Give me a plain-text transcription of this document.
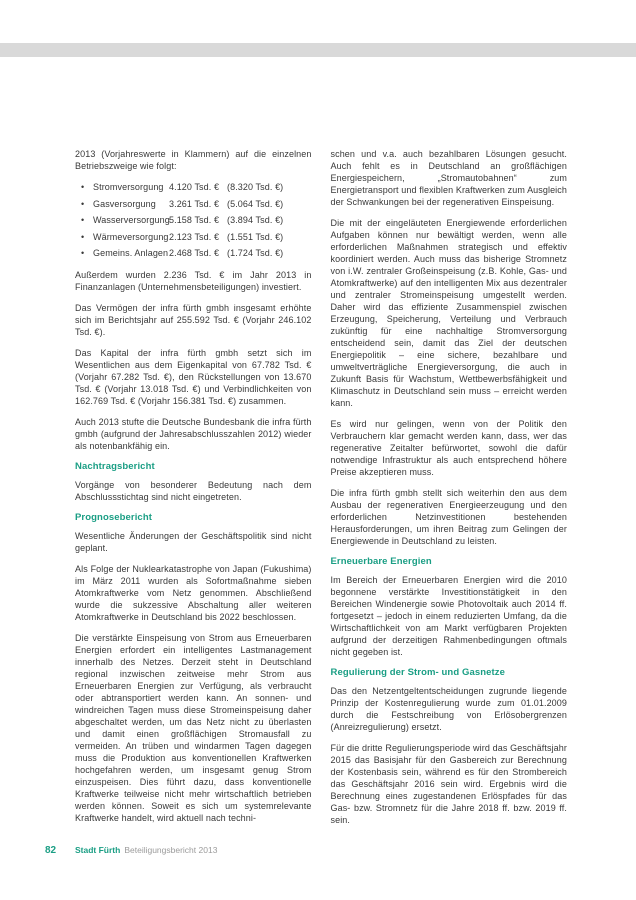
2013 (Vorjahreswerte in Klammern) auf die einzelnen Betriebszweige wie folgt:

• Stromversorgung 4.120 Tsd. € (8.320 Tsd. €)
• Gasversorgung	3.261 Tsd. € (5.064 Tsd. €)
• Wasserversorgung 5.158 Tsd. € (3.894 Tsd. €)
• Wärmeversorgung 2.123 Tsd. € (1.551 Tsd. €)
• Gemeins. Anlagen 2.468 Tsd. € (1.724 Tsd. €)

Außerdem wurden 2.236 Tsd. € im Jahr 2013 in Finanzanlagen (Unternehmensbeteiligungen) investiert.

Das Vermögen der infra fürth gmbh insgesamt erhöhte sich im Berichtsjahr auf 255.592 Tsd. € (Vorjahr 246.102 Tsd. €).

Das Kapital der infra fürth gmbh setzt sich im Wesentlichen aus dem Eigenkapital von 67.782 Tsd. € (Vorjahr 67.282 Tsd. €), den Rückstellungen von 13.670 Tsd. € (Vorjahr 13.018 Tsd. €) und Verbindlichkeiten von 162.769 Tsd. € (Vorjahr 156.381 Tsd. €) zusammen.

Auch 2013 stufte die Deutsche Bundesbank die infra fürth gmbh (aufgrund der Jahresabschlusszahlen 2012) wieder als notenbankfähig ein.

Nachtragsbericht

Vorgänge von besonderer Bedeutung nach dem Abschlussstichtag sind nicht eingetreten.

Prognosebericht

Wesentliche Änderungen der Geschäftspolitik sind nicht geplant.

Als Folge der Nuklearkatastrophe von Japan (Fukushima) im März 2011 wurden als Sofortmaßnahme sieben Atomkraftwerke vom Netz genommen. Abschließend wurde die sukzessive Abschaltung aller weiteren Atomkraftwerke in Deutschland bis 2022 beschlossen.

Die verstärkte Einspeisung von Strom aus Erneuerbaren Energien erfordert ein intelligentes Lastmanagement innerhalb des Netzes. Derzeit steht in Deutschland regional inzwischen zeitweise mehr Strom aus Erneuerbaren Energien zur Verfügung, als verbraucht oder abtransportiert werden kann. An sonnen- und windreichen Tagen muss diese Stromeinspeisung daher abgeschaltet werden, um das Netz nicht zu überlasten und damit einen großflächigen Stromausfall zu vermeiden. An trüben und windarmen Tagen dagegen muss die Produktion aus konventionellen Kraftwerken hochgefahren werden, um insgesamt genug Strom einzuspeisen. Dies führt dazu, dass konventionelle Kraftwerke teilweise nicht mehr wirtschaftlich betrieben werden können. Soweit es sich um systemrelevante Kraftwerke handelt, wird aktuell nach techni-

schen und v.a. auch bezahlbaren Lösungen gesucht. Auch fehlt es in Deutschland an großflächigen Energiespeichern, „Stromautobahnen“ zum Energietransport und flexiblen Kraftwerken zum Ausgleich der Schwankungen bei der regenerativen Einspeisung.

Die mit der eingeläuteten Energiewende erforderlichen Aufgaben können nur bewältigt werden, wenn alle erforderlichen Maßnahmen strategisch und effektiv koordiniert werden. Auch muss das bisherige Stromnetz von i.W. zentraler Großeinspeisung (z.B. Kohle, Gas- und Atomkraftwerke) auf den intelligenten Mix aus dezentraler und zentraler Stromeinspeisung umgestellt werden. Daher wird das effiziente Zusammenspiel zwischen Erzeugung, Speicherung, Verteilung und Verbrauch zukünftig für eine nachhaltige Stromversorgung entscheidend sein, damit das Ziel der deutschen Energiepolitik – eine sichere, bezahlbare und umweltverträgliche Energieversorgung, die auch in Zukunft Basis für Wachstum, Wettbewerbsfähigkeit und Klimaschutz in Deutschland sein muss – erreicht werden kann.

Es wird nur gelingen, wenn von der Politik den Verbrauchern klar gemacht werden kann, dass, wer das regenerative Zeitalter befürwortet, sowohl die dafür notwendige Infrastruktur als auch entsprechend höhere Preise akzeptieren muss.

Die infra fürth gmbh stellt sich weiterhin den aus dem Ausbau der regenerativen Energieerzeugung und den erforderlichen Netzinvestitionen bestehenden Herausforderungen, um ihren Beitrag zum Gelingen der Energiewende in Deutschland zu leisten.

Erneuerbare Energien

Im Bereich der Erneuerbaren Energien wird die 2010 begonnene verstärkte Investitionstätigkeit in den Bereichen Windenergie sowie Photovoltaik auch 2014 ff. fortgesetzt – jedoch in einem reduzierten Umfang, da die Wirtschaftlichkeit von am Markt verfügbaren Projekten aufgrund der derzeitigen Rahmenbedingungen oftmals nicht gegeben ist.

Regulierung der Strom- und Gasnetze

Das den Netzentgeltentscheidungen zugrunde liegende Prinzip der Kostenregulierung wurde zum 01.01.2009 durch die Festschreibung von Erlösobergrenzen (Anreizregulierung) ersetzt.

Für die dritte Regulierungsperiode wird das Geschäftsjahr 2015 das Basisjahr für den Gasbereich zur Berechnung der Kostenbasis sein, während es für den Strombereich das Geschäftsjahr 2016 sein wird. Ergebnis wird die Berechnung eines zugestandenen Erlöspfades für das Gas- bzw. Stromnetz für die Jahre 2018 ff. bzw. 2019 ff. sein.

82	Stadt Fürth Beteiligungsbericht 2013
